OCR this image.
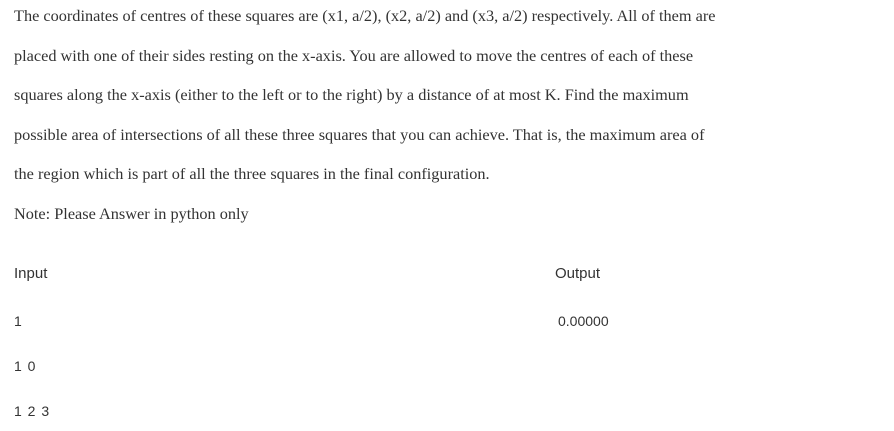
The coordinates of centres of these squares are (x1, a/2), (x2, a/2) and (x3, a/2) respectively. All of them are
placed with one of their sides resting on the x-axis. You are allowed to move the centres of each of these
squares along the x-axis (either to the left or to the right) by a distance of at most K. Find the maximum
possible area of intersections of all these three squares that you can achieve. That is, the maximum area of
the region which is part of all the three squares in the final configuration.
Note: Please Answer in python only
Input	Output
1
1 0
1 2 3
0.00000
